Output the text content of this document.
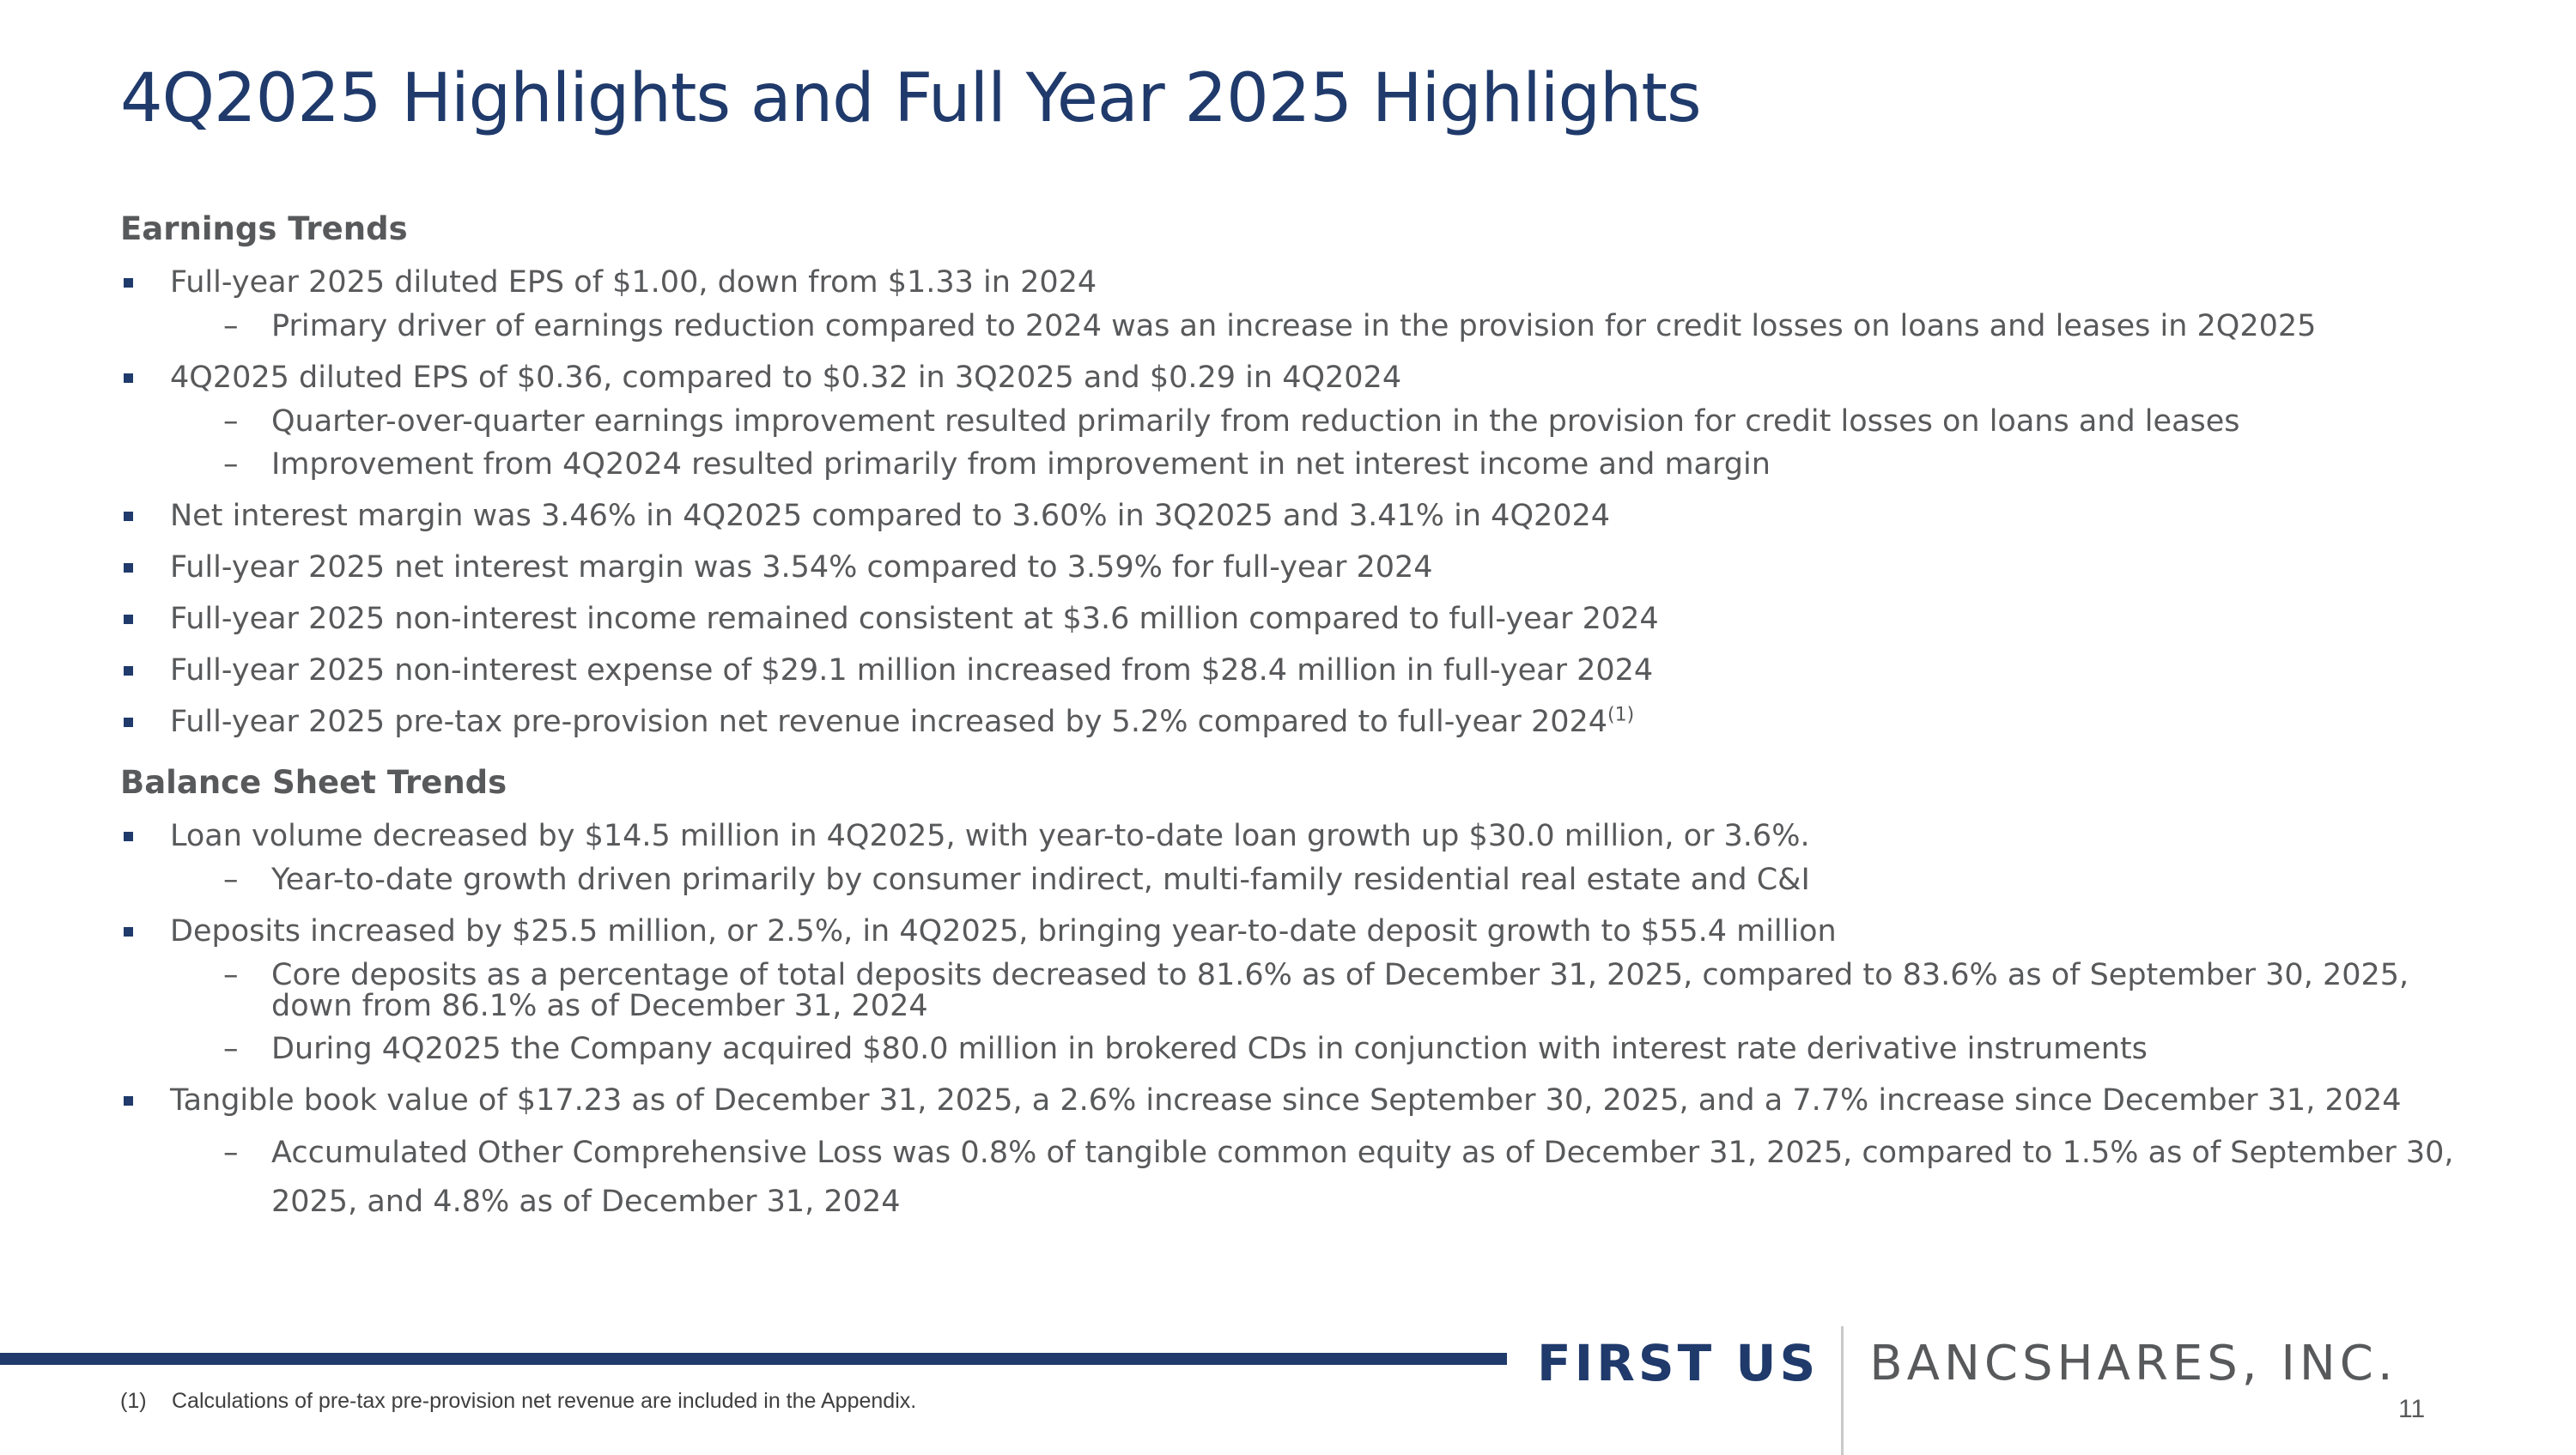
4Q2025 Highlights and Full Year 2025 Highlights
Earnings Trends
Full-year 2025 diluted EPS of $1.00, down from $1.33 in 2024
– Primary driver of earnings reduction compared to 2024 was an increase in the provision for credit losses on loans and leases in 2Q2025
4Q2025 diluted EPS of $0.36, compared to $0.32 in 3Q2025 and $0.29 in 4Q2024
– Quarter-over-quarter earnings improvement resulted primarily from reduction in the provision for credit losses on loans and leases
– Improvement from 4Q2024 resulted primarily from improvement in net interest income and margin
Net interest margin was 3.46% in 4Q2025 compared to 3.60% in 3Q2025 and 3.41% in 4Q2024
Full-year 2025 net interest margin was 3.54% compared to 3.59% for full-year 2024
Full-year 2025 non-interest income remained consistent at $3.6 million compared to full-year 2024
Full-year 2025 non-interest expense of $29.1 million increased from $28.4 million in full-year 2024
Full-year 2025 pre-tax pre-provision net revenue increased by 5.2% compared to full-year 2024$^{(1)}$
Balance Sheet Trends
Loan volume decreased by $14.5 million in 4Q2025, with year-to-date loan growth up $30.0 million, or 3.6%.
– Year-to-date growth driven primarily by consumer indirect, multi-family residential real estate and C&I
Deposits increased by $25.5 million, or 2.5%, in 4Q2025, bringing year-to-date deposit growth to $55.4 million
– Core deposits as a percentage of total deposits decreased to 81.6% as of December 31, 2025, compared to 83.6% as of September 30, 2025, down from 86.1% as of December 31, 2024
– During 4Q2025 the Company acquired $80.0 million in brokered CDs in conjunction with interest rate derivative instruments
Tangible book value of $17.23 as of December 31, 2025, a 2.6% increase since September 30, 2025, and a 7.7% increase since December 31, 2024
– Accumulated Other Comprehensive Loss was 0.8% of tangible common equity as of December 31, 2025, compared to 1.5% as of September 30, 2025, and 4.8% as of December 31, 2024
FIRST US BANCSHARES, INC.
(1) Calculations of pre-tax pre-provision net revenue are included in the Appendix.	11
